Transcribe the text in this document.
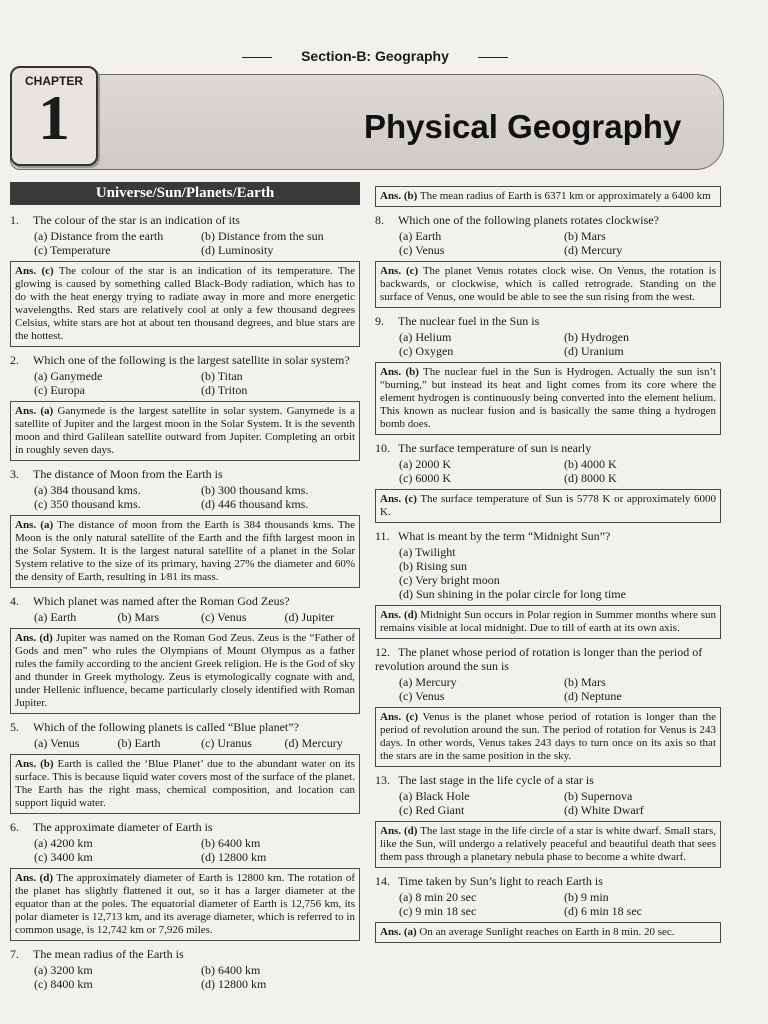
Section-B: Geography
CHAPTER
1	Physical Geography
Universe/Sun/Planets/Earth
1. The colour of the star is an indication of its
(a) Distance from the earth	(b) Distance from the sun
(c) Temperature	(d) Luminosity
Ans. (c) The colour of the star is an indication of its temperature. The glowing is caused by something called Black-Body radiation, which has to do with the heat energy trying to radiate away in more and more energetic wavelengths. Red stars are relatively cool at only a few thousand degrees Celsius, white stars are hot at about ten thousand degrees, and blue stars are the hottest.
2. Which one of the following is the largest satellite in solar system?
(a) Ganymede	(b) Titan
(c) Europa	(d) Triton
Ans. (a) Ganymede is the largest satellite in solar system. Ganymede is a satellite of Jupiter and the largest moon in the Solar System. It is the seventh moon and third Galilean satellite outward from Jupiter. Completing an orbit in roughly seven days.
3. The distance of Moon from the Earth is
(a) 384 thousand kms.	(b) 300 thousand kms.
(c) 350 thousand kms.	(d) 446 thousand kms.
Ans. (a) The distance of moon from the Earth is 384 thousands kms. The Moon is the only natural satellite of the Earth and the fifth largest moon in the Solar System. It is the largest natural satellite of a planet in the Solar System relative to the size of its primary, having 27% the diameter and 60% the density of Earth, resulting in 1⁄81 its mass.
4. Which planet was named after the Roman God Zeus?
(a) Earth	(b) Mars	(c) Venus	(d) Jupiter
Ans. (d) Jupiter was named on the Roman God Zeus. Zeus is the “Father of Gods and men” who rules the Olympians of Mount Olympus as a father rules the family according to the ancient Greek religion. He is the God of sky and thunder in Greek mythology. Zeus is etymologically cognate with and, under Hellenic influence, became particularly closely identified with Roman Jupiter.
5. Which of the following planets is called “Blue planet”?
(a) Venus	(b) Earth	(c) Uranus	(d) Mercury
Ans. (b) Earth is called the ‘Blue Planet’ due to the abundant water on its surface. This is because liquid water covers most of the surface of the planet. The Earth has the right mass, chemical composition, and location can support liquid water.
6. The approximate diameter of Earth is
(a) 4200 km	(b) 6400 km
(c) 3400 km	(d) 12800 km
Ans. (d) The approximately diameter of Earth is 12800 km. The rotation of the planet has slightly flattened it out, so it has a larger diameter at the equator than at the poles. The equatorial diameter of Earth is 12,756 km, its polar diameter is 12,713 km, and its average diameter, which is referred to in common usage, is 12,742 km or 7,926 miles.
7. The mean radius of the Earth is
(a) 3200 km	(b) 6400 km
(c) 8400 km	(d) 12800 km
Ans. (b) The mean radius of Earth is 6371 km or approximately a 6400 km
8. Which one of the following planets rotates clockwise?
(a) Earth	(b) Mars
(c) Venus	(d) Mercury
Ans. (c) The planet Venus rotates clock wise. On Venus, the rotation is backwards, or clockwise, which is called retrograde. Standing on the surface of Venus, one would be able to see the sun rising from the west.
9. The nuclear fuel in the Sun is
(a) Helium	(b) Hydrogen
(c) Oxygen	(d) Uranium
Ans. (b) The nuclear fuel in the Sun is Hydrogen. Actually the sun isn’t “burning,” but instead its heat and light comes from its core where the element hydrogen is continuously being converted into the element helium. This known as nuclear fusion and is basically the same thing a hydrogen bomb does.
10. The surface temperature of sun is nearly
(a) 2000 K	(b) 4000 K
(c) 6000 K	(d) 8000 K
Ans. (c) The surface temperature of Sun is 5778 K or approximately 6000 K.
11. What is meant by the term “Midnight Sun”?
(a) Twilight
(b) Rising sun
(c) Very bright moon
(d) Sun shining in the polar circle for long time
Ans. (d) Midnight Sun occurs in Polar region in Summer months where sun remains visible at local midnight. Due to till of earth at its own axis.
12. The planet whose period of rotation is longer than the period of revolution around the sun is
(a) Mercury	(b) Mars
(c) Venus	(d) Neptune
Ans. (c) Venus is the planet whose period of rotation is longer than the period of revolution around the sun. The period of rotation for Venus is 243 days. In other words, Venus takes 243 days to turn once on its axis so that the stars are in the same position in the sky.
13. The last stage in the life cycle of a star is
(a) Black Hole	(b) Supernova
(c) Red Giant	(d) White Dwarf
Ans. (d) The last stage in the life circle of a star is white dwarf. Small stars, like the Sun, will undergo a relatively peaceful and beautiful death that sees them pass through a planetary nebula phase to become a white dwarf.
14. Time taken by Sun’s light to reach Earth is
(a) 8 min 20 sec	(b) 9 min
(c) 9 min 18 sec	(d) 6 min 18 sec
Ans. (a) On an average Sunlight reaches on Earth in 8 min. 20 sec.
